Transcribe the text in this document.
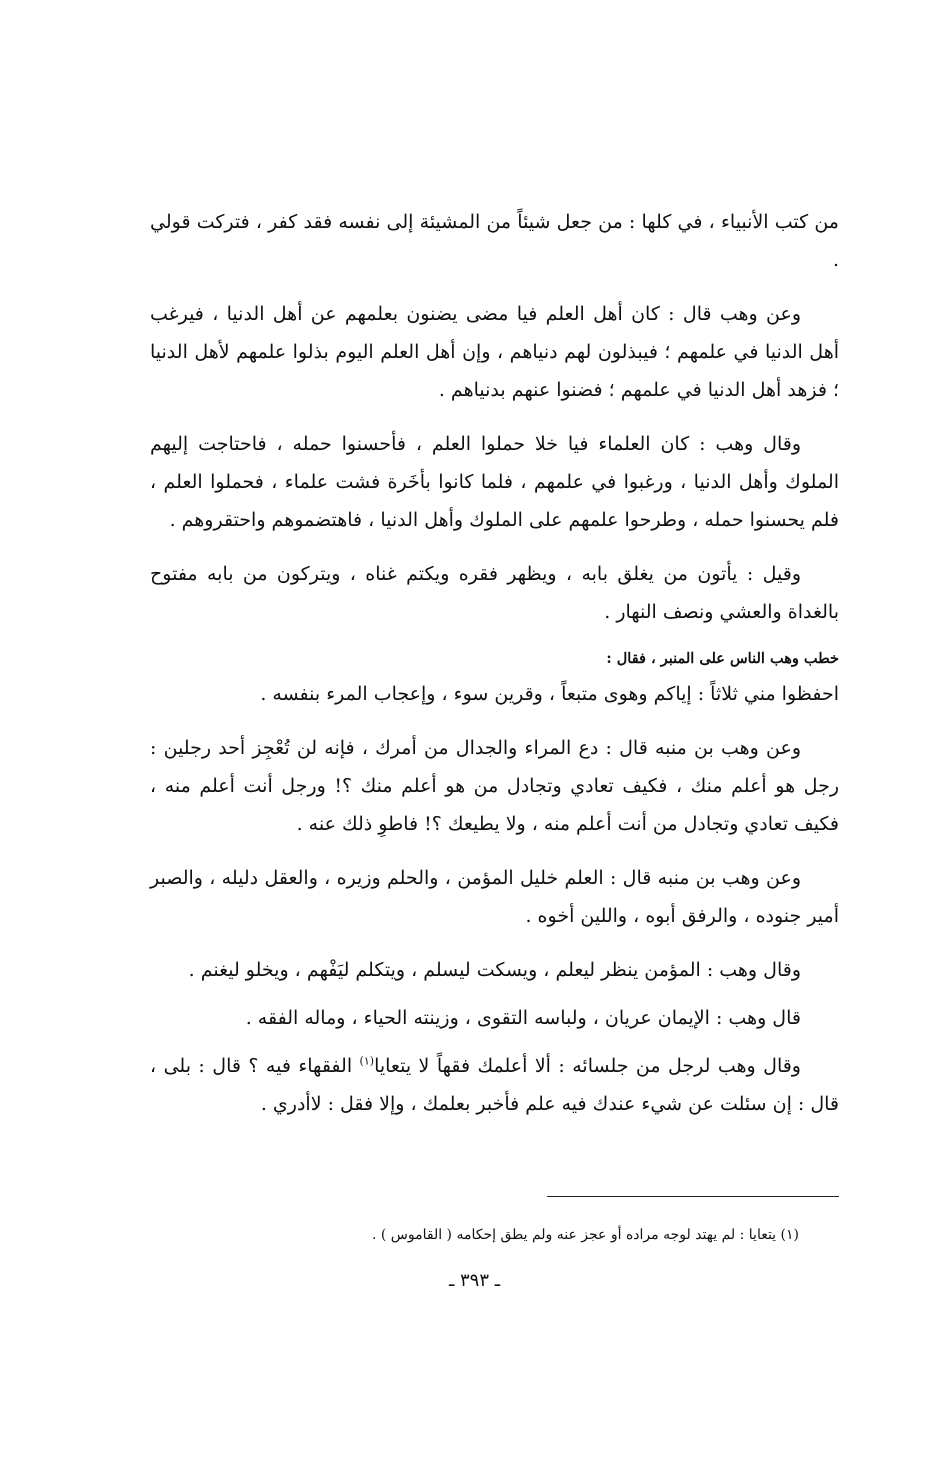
من كتب الأنبياء ، في كلها : من جعل شيئاً من المشيئة إلى نفسه فقد كفر ، فتركت قولي .

وعن وهب قال : كان أهل العلم فيا مضى يضنون بعلمهم عن أهل الدنيا ، فيرغب أهل الدنيا في علمهم ؛ فيبذلون لهم دنياهم ، وإن أهل العلم اليوم بذلوا علمهم لأهل الدنيا ؛ فزهد أهل الدنيا في علمهم ؛ فضنوا عنهم بدنياهم .

وقال وهب : كان العلماء فيا خلا حملوا العلم ، فأحسنوا حمله ، فاحتاجت إليهم الملوك وأهل الدنيا ، ورغبوا في علمهم ، فلما كانوا بأخَرة فشت علماء ، فحملوا العلم ، فلم يحسنوا حمله ، وطرحوا علمهم على الملوك وأهل الدنيا ، فاهتضموهم واحتقروهم .

وقيل : يأتون من يغلق بابه ، ويظهر فقره ويكتم غناه ، ويتركون من بابه مفتوح بالغداة والعشي ونصف النهار .

خطب وهب الناس على المنبر ، فقال :

احفظوا مني ثلاثاً : إياكم وهوى متبعاً ، وقرين سوء ، وإعجاب المرء بنفسه .

وعن وهب بن منبه قال : دع المراء والجدال من أمرك ، فإنه لن تُعْجِز أحد رجلين : رجل هو أعلم منك ، فكيف تعادي وتجادل من هو أعلم منك ؟! ورجل أنت أعلم منه ، فكيف تعادي وتجادل من أنت أعلم منه ، ولا يطيعك ؟! فاطوِ ذلك عنه .

وعن وهب بن منبه قال : العلم خليل المؤمن ، والحلم وزيره ، والعقل دليله ، والصبر أمير جنوده ، والرفق أبوه ، واللين أخوه .

وقال وهب : المؤمن ينظر ليعلم ، ويسكت ليسلم ، ويتكلم ليَفْهم ، ويخلو ليغنم .

قال وهب : الإيمان عريان ، ولباسه التقوى ، وزينته الحياء ، وماله الفقه .

وقال وهب لرجل من جلسائه : ألا أعلمك فقهاً لا يتعايا$^{(١)}$ الفقهاء فيه ؟ قال : بلى ، قال : إن سئلت عن شيء عندك فيه علم فأخبر بعلمك ، وإلا فقل : لاأدري .

(١) يتعايا : لم يهتد لوجه مراده أو عجز عنه ولم يطق إحكامه ( القاموس ) .
ـ ٣٩٣ ـ
